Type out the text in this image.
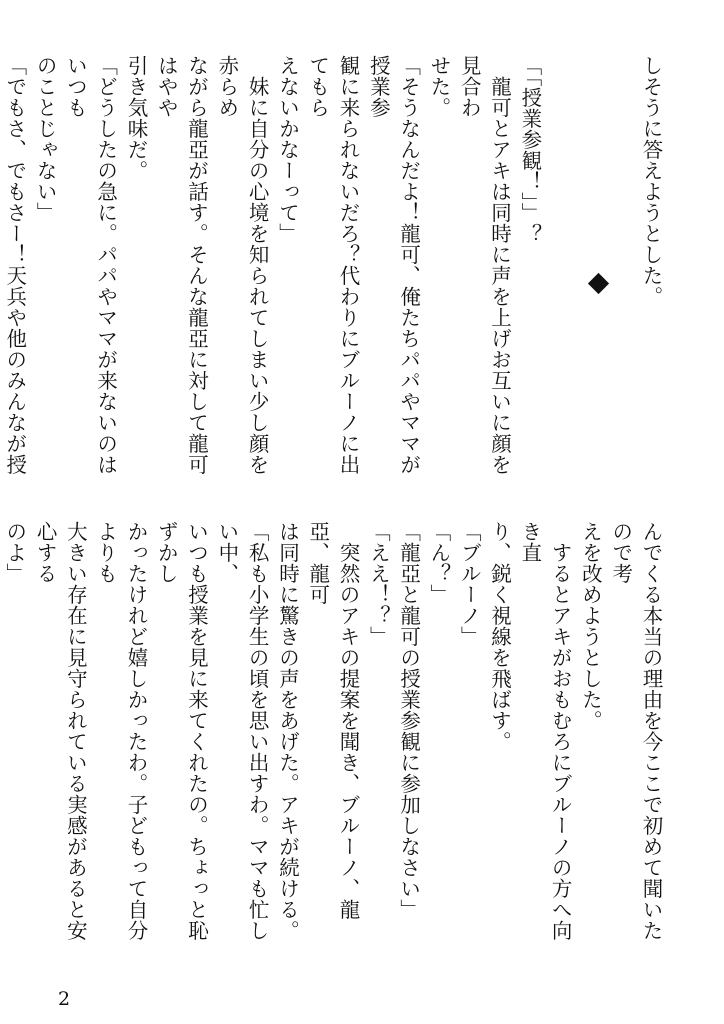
しそうに答えようとした。

「「授業参観！」」？
　龍可とアキは同時に声を上げお互いに顔を見合わ
せた。
「そうなんだよ！龍可、俺たちパパやママが授業参
観に来られないだろ？代わりにブルーノに出てもら
えないかなーって」
　妹に自分の心境を知られてしまい少し顔を赤らめ
ながら龍亞が話す。そんな龍亞に対して龍可はやや
引き気味だ。
「どうしたの急に。パパやママが来ないのはいつも
のことじゃない」
「でもさ、でもさー！天兵や他のみんなが授
んでくる本当の理由を今ここで初めて聞いたので考
えを改めようとした。
　するとアキがおもむろにブルーノの方へ向き直
り、鋭く視線を飛ばす。
「ブルーノ」
「ん？」
「龍亞と龍可の授業参観に参加しなさい」
「ええ！？」
　突然のアキの提案を聞き、ブルーノ、龍亞、龍可
は同時に驚きの声をあげた。アキが続ける。
「私も小学生の頃を思い出すわ。ママも忙しい中、
いつも授業を見に来てくれたの。ちょっと恥ずかし
かったけれど嬉しかったわ。子どもって自分よりも
大きい存在に見守られている実感があると安心する
のよ」
2
